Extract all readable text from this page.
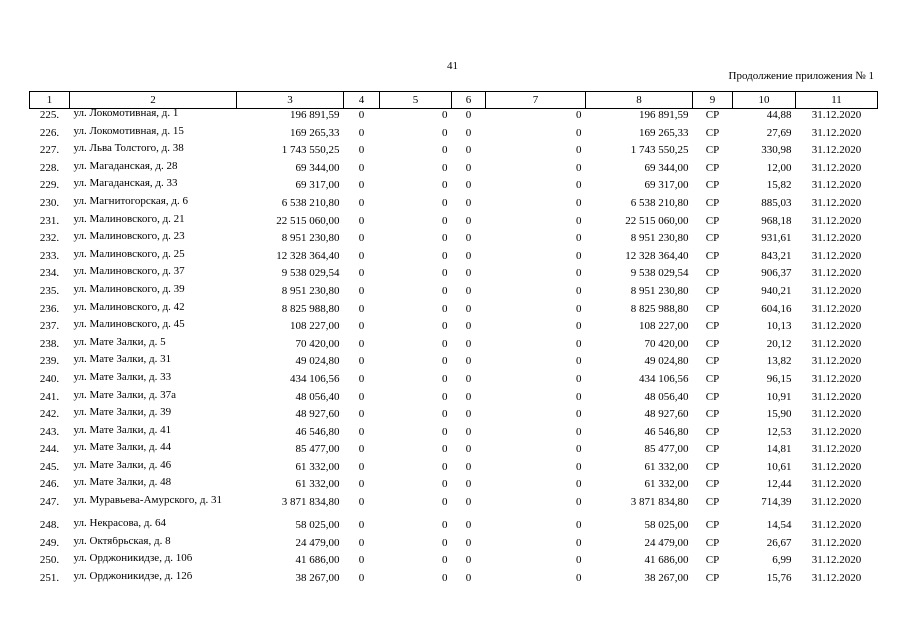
41
Продолжение приложения № 1
1	2	3	4	5	6	7	8	9	10	11
225.	ул. Локомотивная, д. 1	196 891,59	0	0	0	0	196 891,59	СР	44,88	31.12.2020
226.	ул. Локомотивная, д. 15	169 265,33	0	0	0	0	169 265,33	СР	27,69	31.12.2020
227.	ул. Льва Толстого, д. 38	1 743 550,25	0	0	0	0	1 743 550,25	СР	330,98	31.12.2020
228.	ул. Магаданская, д. 28	69 344,00	0	0	0	0	69 344,00	СР	12,00	31.12.2020
229.	ул. Магаданская, д. 33	69 317,00	0	0	0	0	69 317,00	СР	15,82	31.12.2020
230.	ул. Магнитогорская, д. 6	6 538 210,80	0	0	0	0	6 538 210,80	СР	885,03	31.12.2020
231.	ул. Малиновского, д. 21	22 515 060,00	0	0	0	0	22 515 060,00	СР	968,18	31.12.2020
232.	ул. Малиновского, д. 23	8 951 230,80	0	0	0	0	8 951 230,80	СР	931,61	31.12.2020
233.	ул. Малиновского, д. 25	12 328 364,40	0	0	0	0	12 328 364,40	СР	843,21	31.12.2020
234.	ул. Малиновского, д. 37	9 538 029,54	0	0	0	0	9 538 029,54	СР	906,37	31.12.2020
235.	ул. Малиновского, д. 39	8 951 230,80	0	0	0	0	8 951 230,80	СР	940,21	31.12.2020
236.	ул. Малиновского, д. 42	8 825 988,80	0	0	0	0	8 825 988,80	СР	604,16	31.12.2020
237.	ул. Малиновского, д. 45	108 227,00	0	0	0	0	108 227,00	СР	10,13	31.12.2020
238.	ул. Мате Залки, д. 5	70 420,00	0	0	0	0	70 420,00	СР	20,12	31.12.2020
239.	ул. Мате Залки, д. 31	49 024,80	0	0	0	0	49 024,80	СР	13,82	31.12.2020
240.	ул. Мате Залки, д. 33	434 106,56	0	0	0	0	434 106,56	СР	96,15	31.12.2020
241.	ул. Мате Залки, д. 37а	48 056,40	0	0	0	0	48 056,40	СР	10,91	31.12.2020
242.	ул. Мате Залки, д. 39	48 927,60	0	0	0	0	48 927,60	СР	15,90	31.12.2020
243.	ул. Мате Залки, д. 41	46 546,80	0	0	0	0	46 546,80	СР	12,53	31.12.2020
244.	ул. Мате Залки, д. 44	85 477,00	0	0	0	0	85 477,00	СР	14,81	31.12.2020
245.	ул. Мате Залки, д. 46	61 332,00	0	0	0	0	61 332,00	СР	10,61	31.12.2020
246.	ул. Мате Залки, д. 48	61 332,00	0	0	0	0	61 332,00	СР	12,44	31.12.2020
247.	ул. Муравьева-Амурского, д. 31	3 871 834,80	0	0	0	0	3 871 834,80	СР	714,39	31.12.2020
248.	ул. Некрасова, д. 64	58 025,00	0	0	0	0	58 025,00	СР	14,54	31.12.2020
249.	ул. Октябрьская, д. 8	24 479,00	0	0	0	0	24 479,00	СР	26,67	31.12.2020
250.	ул. Орджоникидзе, д. 10б	41 686,00	0	0	0	0	41 686,00	СР	6,99	31.12.2020
251.	ул. Орджоникидзе, д. 12б	38 267,00	0	0	0	0	38 267,00	СР	15,76	31.12.2020
